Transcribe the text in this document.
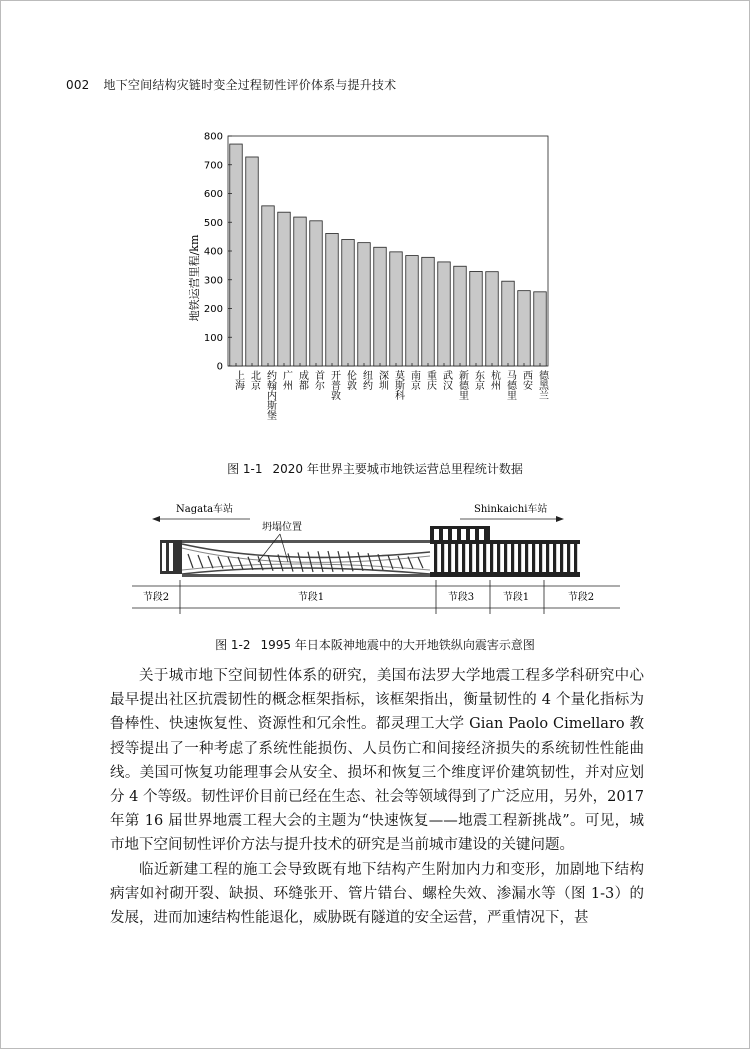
002 地下空间结构灾链时变全过程韧性评价体系与提升技术
0
100
200
300
400
500
600
700
800
上海 北京 约翰内斯堡 广州 成都 首尔 开普敦 伦敦 纽约 深圳 莫斯科 南京 重庆 武汉 新德里 东京 杭州 马德里 西安 德黑兰
地铁运营里程/km
图 1-1 2020 年世界主要城市地铁运营总里程统计数据
Nagata车站	Shinkaichi车站
坍塌位置
节段2	节段1	节段3	节段1	节段2
图 1-2 1995 年日本阪神地震中的大开地铁纵向震害示意图

关于城市地下空间韧性体系的研究，美国布法罗大学地震工程多学科研究中心最早提出社区抗震韧性的概念框架指标，该框架指出，衡量韧性的 4 个量化指标为鲁棒性、快速恢复性、资源性和冗余性。都灵理工大学 Gian Paolo Cimellaro 教授等提出了一种考虑了系统性能损伤、人员伤亡和间接经济损失的系统韧性性能曲线。美国可恢复功能理事会从安全、损坏和恢复三个维度评价建筑韧性，并对应划分 4 个等级。韧性评价目前已经在生态、社会等领域得到了广泛应用，另外，2017 年第 16 届世界地震工程大会的主题为“快速恢复——地震工程新挑战”。可见，城市地下空间韧性评价方法与提升技术的研究是当前城市建设的关键问题。

临近新建工程的施工会导致既有地下结构产生附加内力和变形，加剧地下结构病害如衬砌开裂、缺损、环缝张开、管片错台、螺栓失效、渗漏水等（图 1-3）的发展，进而加速结构性能退化，威胁既有隧道的安全运营，严重情况下，甚
